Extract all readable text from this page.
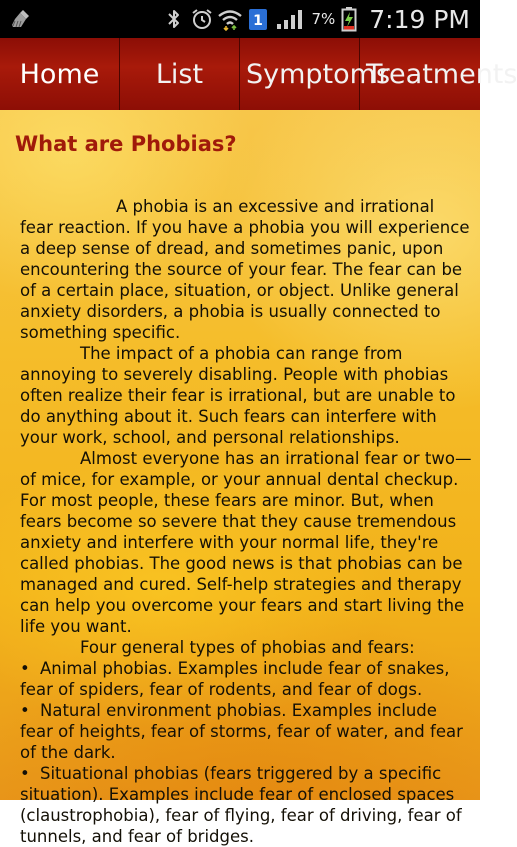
1	7% 7:19 PM
Home	List	Symptoms
Treatments
What are Phobias?

A phobia is an excessive and irrational fear reaction. If you have a phobia you will experience a deep sense of dread, and sometimes panic, upon encountering the source of your fear. The fear can be of a certain place, situation, or object. Unlike general anxiety disorders, a phobia is usually connected to something specific.

The impact of a phobia can range from annoying to severely disabling. People with phobias often realize their fear is irrational, but are unable to do anything about it. Such fears can interfere with your work, school, and personal relationships.

Almost everyone has an irrational fear or two—of mice, for example, or your annual dental checkup. For most people, these fears are minor. But, when fears become so severe that they cause tremendous anxiety and interfere with your normal life, they're called phobias. The good news is that phobias can be managed and cured. Self-help strategies and therapy can help you overcome your fears and start living the life you want.

Four general types of phobias and fears:

• Animal phobias. Examples include fear of snakes, fear of spiders, fear of rodents, and fear of dogs.

• Natural environment phobias. Examples include fear of heights, fear of storms, fear of water, and fear of the dark.

• Situational phobias (fears triggered by a specific situation). Examples include fear of enclosed spaces (claustrophobia), fear of flying, fear of driving, fear of tunnels, and fear of bridges.
